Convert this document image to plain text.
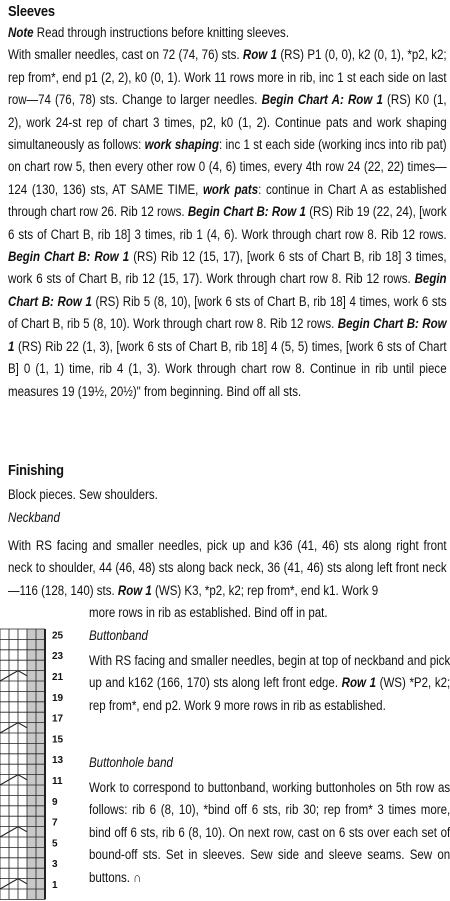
Sleeves
Note Read through instructions before knitting sleeves.
With smaller needles, cast on 72 (74, 76) sts. Row 1 (RS) P1 (0, 0), k2 (0, 1), *p2, k2; rep from*, end p1 (2, 2), k0 (0, 1). Work 11 rows more in rib, inc 1 st each side on last row—74 (76, 78) sts. Change to larger needles. Begin Chart A: Row 1 (RS) K0 (1, 2), work 24-st rep of chart 3 times, p2, k0 (1, 2). Continue pats and work shaping simultaneously as follows: work shaping: inc 1 st each side (working incs into rib pat) on chart row 5, then every other row 0 (4, 6) times, every 4th row 24 (22, 22) times—124 (130, 136) sts, AT SAME TIME, work pats: continue in Chart A as established through chart row 26. Rib 12 rows. Begin Chart B: Row 1 (RS) Rib 19 (22, 24), [work 6 sts of Chart B, rib 18] 3 times, rib 1 (4, 6). Work through chart row 8. Rib 12 rows. Begin Chart B: Row 1 (RS) Rib 12 (15, 17), [work 6 sts of Chart B, rib 18] 3 times, work 6 sts of Chart B, rib 12 (15, 17). Work through chart row 8. Rib 12 rows. Begin Chart B: Row 1 (RS) Rib 5 (8, 10), [work 6 sts of Chart B, rib 18] 4 times, work 6 sts of Chart B, rib 5 (8, 10). Work through chart row 8. Rib 12 rows. Begin Chart B: Row 1 (RS) Rib 22 (1, 3), [work 6 sts of Chart B, rib 18] 4 (5, 5) times, [work 6 sts of Chart B] 0 (1, 1) time, rib 4 (1, 3). Work through chart row 8. Continue in rib until piece measures 19 (19½, 20½)" from beginning. Bind off all sts.
Finishing
Block pieces. Sew shoulders.
Neckband
With RS facing and smaller needles, pick up and k36 (41, 46) sts along right front neck to shoulder, 44 (46, 48) sts along back neck, 36 (41, 46) sts along left front neck—116 (128, 140) sts. Row 1 (WS) K3, *p2, k2; rep from*, end k1. Work 9
more rows in rib as established. Bind off in pat.
Buttonband
With RS facing and smaller needles, begin at top of neckband and pick up and k162 (166, 170) sts along left front edge. Row 1 (WS) *P2, k2; rep from*, end p2. Work 9 more rows in rib as established.
Buttonhole band
Work to correspond to buttonband, working buttonholes on 5th row as follows: rib 6 (8, 10), *bind off 6 sts, rib 30; rep from* 3 times more, bind off 6 sts, rib 6 (8, 10). On next row, cast on 6 sts over each set of bound-off sts. Set in sleeves. Sew side and sleeve seams. Sew on buttons. ∩
25
23
21
19
17
15
13
11
9
7
5
3
1
